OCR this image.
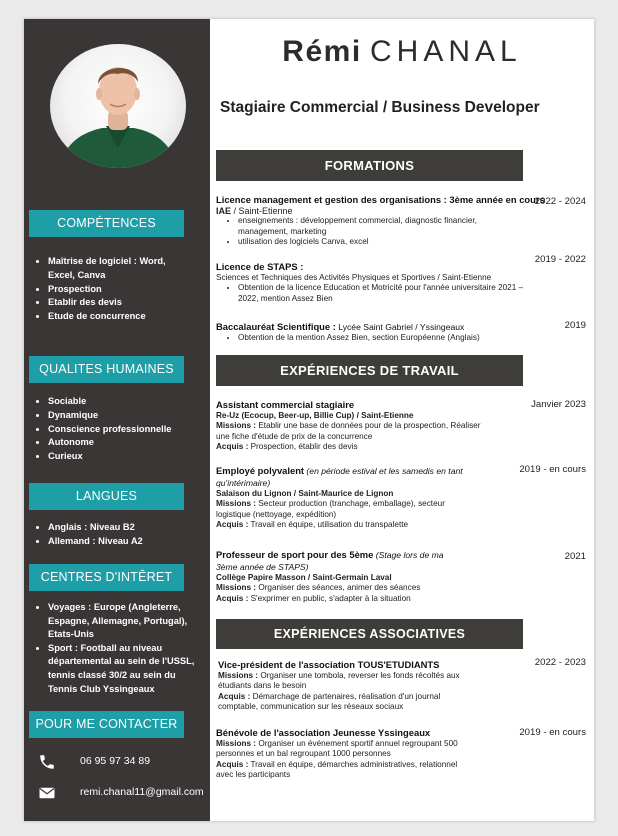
COMPÉTENCES
• Maîtrise de logiciel : Word,
Excel, Canva
• Prospection
• Etablir des devis
• Etude de concurrence
QUALITES HUMAINES
• Sociable
• Dynamique
• Conscience professionnelle
• Autonome
• Curieux
LANGUES
• Anglais : Niveau B2
• Allemand : Niveau A2
CENTRES D'INTÊRET
• Voyages : Europe (Angleterre, Espagne, Allemagne, Portugal), Etats-Unis
• Sport : Football au niveau départemental au sein de l'USSL, tennis classé 30/2 au sein du Tennis Club Yssingeaux
POUR ME CONTACTER
06 95 97 34 89
remi.chanal11@gmail.com
Rémi CHANAL
Stagiaire Commercial / Business Developer
FORMATIONS
Licence management et gestion des organisations : 3ème année en cours
IAE / Saint-Etienne
• enseignements : développement commercial, diagnostic financier, management, marketing
• utilisation des logiciels Canva, excel
2022 - 2024
Licence de STAPS :
Sciences et Techniques des Activités Physiques et Sportives / Saint-Etienne
• Obtention de la licence Education et Motricité pour l'année universitaire 2021 – 2022, mention Assez Bien
2019 - 2022
Baccalauréat Scientifique : Lycée Saint Gabriel / Yssingeaux
• Obtention de la mention Assez Bien, section Européenne (Anglais)
2019
EXPÉRIENCES DE TRAVAIL
Assistant commercial stagiaire
Re-Uz (Ecocup, Beer-up, Billie Cup) / Saint-Etienne
Missions : Etablir une base de données pour de la prospection, Réaliser une fiche d'étude de prix de la concurrence
Acquis : Prospection, établir des devis
Janvier 2023
Employé polyvalent (en période estival et les samedis en tant qu'intérimaire)
Salaison du Lignon / Saint-Maurice de Lignon
Missions : Secteur production (tranchage, emballage), secteur logistique (nettoyage, expédition)
Acquis : Travail en équipe, utilisation du transpalette
2019 - en cours
Professeur de sport pour des 5ème (Stage lors de ma 3ème année de STAPS)
Collège Papire Masson / Saint-Germain Laval
Missions : Organiser des séances, animer des séances
Acquis : S'exprimer en public, s'adapter à la situation
2021
EXPÉRIENCES ASSOCIATIVES
Vice-président de l'association TOUS'ETUDIANTS
Missions : Organiser une tombola, reverser les fonds récoltés aux étudiants dans le besoin
Acquis : Démarchage de partenaires, réalisation d'un journal comptable, communication sur les réseaux sociaux
2022 - 2023
Bénévole de l'association Jeunesse Yssingeaux
Missions : Organiser un événement sportif annuel regroupant 500 personnes et un bal regroupant 1000 personnes
Acquis : Travail en équipe, démarches administratives, relationnel avec les participants
2019 - en cours
